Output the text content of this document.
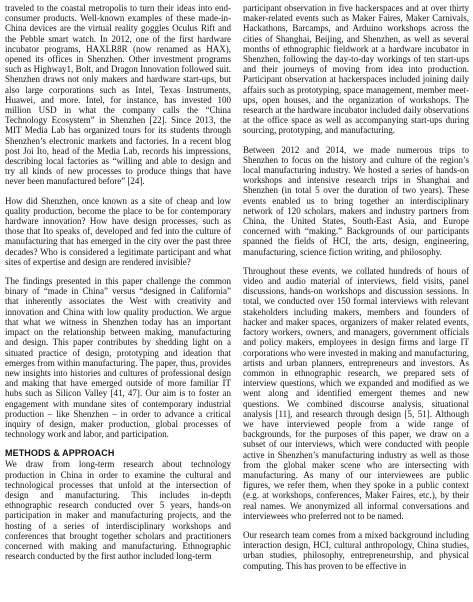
traveled to the coastal metropolis to turn their ideas into end-consumer products. Well-known examples of these made-in-China devices are the virtual reality goggles Oculus Rift and the Pebble smart watch. In 2012, one of the first hardware incubator programs, HAXLR8R (now renamed as HAX), opened its offices in Shenzhen. Other investment programs such as Highway1, Bolt, and Dragon Innovation followed suit. Shenzhen draws not only makers and hardware start-ups, but also large corporations such as Intel, Texas Instruments, Huawei, and more. Intel, for instance, has invested 100 million USD in what the company calls the “China Technology Ecosystem” in Shenzhen [22]. Since 2013, the MIT Media Lab has organized tours for its students through Shenzhen’s electronic markets and factories. In a recent blog post Joi Ito, head of the Media Lab, records his impressions, describing local factories as “willing and able to design and try all kinds of new processes to produce things that have never been manufactured before” [24].

How did Shenzhen, once known as a site of cheap and low quality production, become the place to be for contemporary hardware innovation? How have design processes, such as those that Ito speaks of, developed and fed into the culture of manufacturing that has emerged in the city over the past three decades? Who is considered a legitimate participant and what sites of expertise and design are rendered invisible?

The findings presented in this paper challenge the common binary of “made in China” versus “designed in California” that inherently associates the West with creativity and innovation and China with low quality production. We argue that what we witness in Shenzhen today has an important impact on the relationship between making, manufacturing and design. This paper contributes by shedding light on a situated practice of design, prototyping and ideation that emerges from within manufacturing. The paper, thus, provides new insights into histories and cultures of professional design and making that have emerged outside of more familiar IT hubs such as Silicon Valley [41, 47]. Our aim is to foster an engagement with mundane sites of contemporary industrial production – like Shenzhen – in order to advance a critical inquiry of design, maker production, global processes of technology work and labor, and participation.

METHODS & APPROACH

We draw from long-term research about technology production in China in order to examine the cultural and technological processes that unfold at the intersection of design and manufacturing. This includes in-depth ethnographic research conducted over 5 years, hands-on participation in maker and manufacturing projects, and the hosting of a series of interdisciplinary workshops and conferences that brought together scholars and practitioners concerned with making and manufacturing. Ethnographic research conducted by the first author included long-term

participant observation in five hackerspaces and at over thirty maker-related events such as Maker Faires, Maker Carnivals, Hackathons, Barcamps, and Arduino workshops across the cities of Shanghai, Beijing, and Shenzhen, as well as several months of ethnographic fieldwork at a hardware incubator in Shenzhen, following the day-to-day workings of ten start-ups and their journeys of moving from idea into production. Participant observation at hackerspaces included joining daily affairs such as prototyping, space management, member meet-ups, open houses, and the organization of workshops. The research at the hardware incubator included daily observations at the office space as well as accompanying start-ups during sourcing, prototyping, and manufacturing.

Between 2012 and 2014, we made numerous trips to Shenzhen to focus on the history and culture of the region’s local manufacturing industry. We hosted a series of hands-on workshops and intensive research trips in Shanghai and Shenzhen (in total 5 over the duration of two years). These events enabled us to bring together an interdisciplinary network of 120 scholars, makers and industry partners from China, the United States, South-East Asia, and Europe concerned with “making.” Backgrounds of our participants spanned the fields of HCI, the arts, design, engineering, manufacturing, science fiction writing, and philosophy.

Throughout these events, we collated hundreds of hours of video and audio material of interviews, field visits, panel discussions, hands-on workshops and discussion sessions. In total, we conducted over 150 formal interviews with relevant stakeholders including makers, members and founders of hacker and maker spaces, organizers of maker related events, factory workers, owners, and managers, government officials and policy makers, employees in design firms and large IT corporations who were invested in making and manufacturing, artists and urban planners, entrepreneurs and investors. As common in ethnographic research, we prepared sets of interview questions, which we expanded and modified as we went along and identified emergent themes and new questions. We combined discourse analysis, situational analysis [11], and research through design [5, 51]. Although we have interviewed people from a wide range of backgrounds, for the purposes of this paper, we draw on a subset of our interviews, which were conducted with people active in Shenzhen’s manufacturing industry as well as those from the global maker scene who are intersecting with manufacturing. As many of our interviewees are public figures, we refer them, when they spoke in a public context (e.g. at workshops, conferences, Maker Faires, etc.), by their real names. We anonymized all informal conversations and interviewees who preferred not to be named.

Our research team comes from a mixed background including interaction design, HCI, cultural anthropology, China studies, urban studies, philosophy, entrepreneurship, and physical computing. This has proven to be effective in
